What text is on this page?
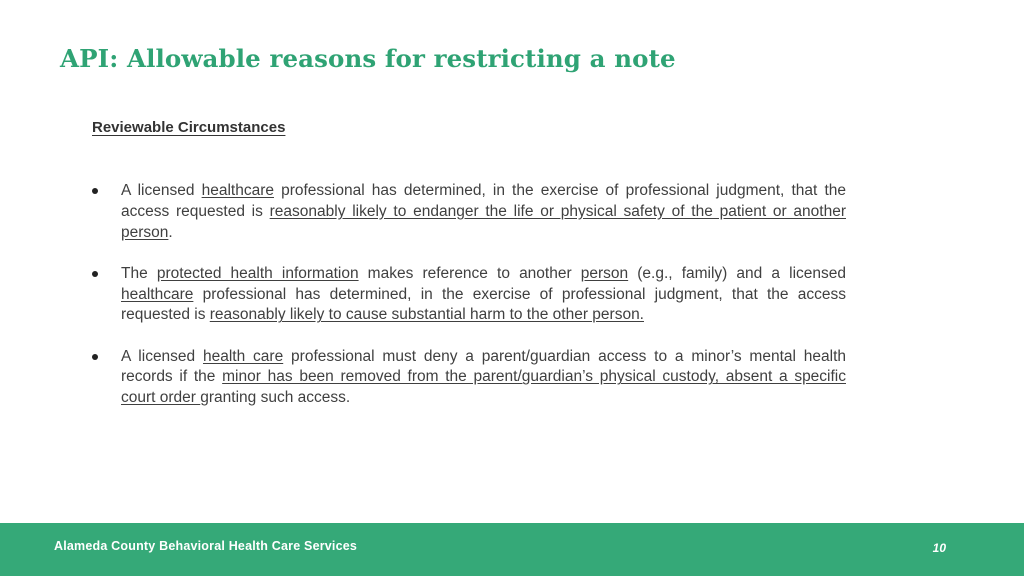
API: Allowable reasons for restricting a note
Reviewable Circumstances
A licensed healthcare professional has determined, in the exercise of professional judgment, that the access requested is reasonably likely to endanger the life or physical safety of the patient or another person.
The protected health information makes reference to another person (e.g., family) and a licensed healthcare professional has determined, in the exercise of professional judgment, that the access requested is reasonably likely to cause substantial harm to the other person.
A licensed health care professional must deny a parent/guardian access to a minor’s mental health records if the minor has been removed from the parent/guardian’s physical custody, absent a specific court order granting such access.
Alameda County Behavioral Health Care Services	10
